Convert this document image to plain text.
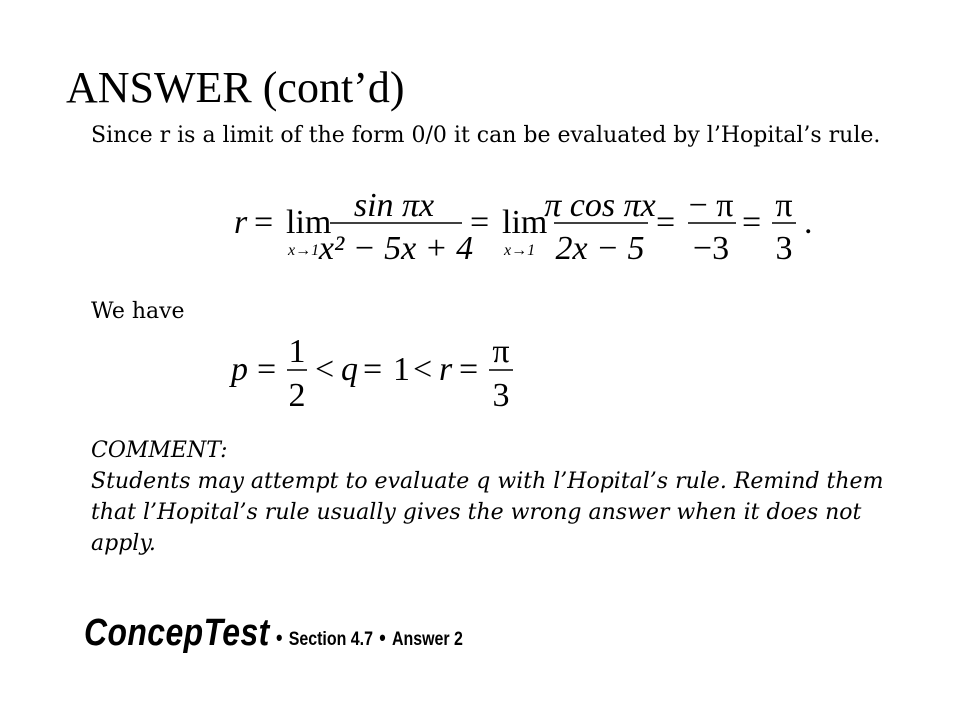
ANSWER (cont’d)
Since r is a limit of the form 0/0 it can be evaluated by l’Hopital’s rule.
r = lim
x→1
sin πx
x² − 5x + 4
= lim
x→1
π cos πx
2x − 5
= − π
−3
= π
3
.
We have
p = 1
2
< q = 1 < r = π
3
COMMENT:
Students may attempt to evaluate q with l’Hopital’s rule. Remind them that l’Hopital’s rule usually gives the wrong answer when it does not apply.
ConcepTest • Section 4.7 • Answer 2
